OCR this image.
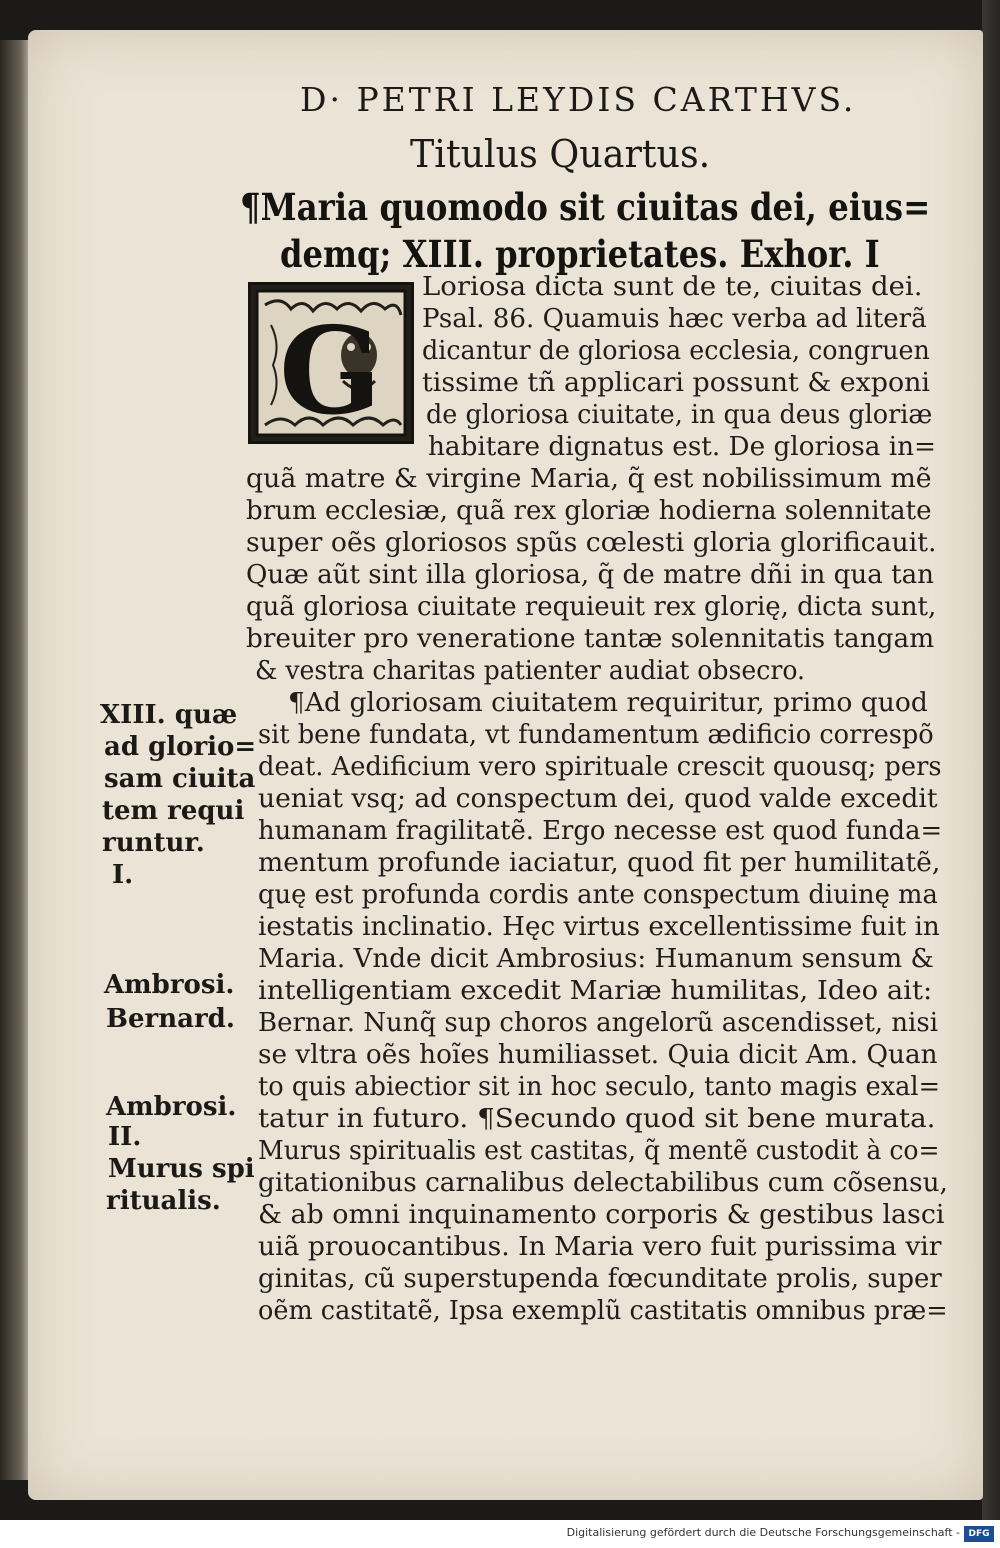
D· PETRI LEYDIS CARTHVS.
Titulus Quartus.
¶Maria quomodo sit ciuitas dei, eius=
demq; XIII. proprietates. Exhor. I
G
Loriosa dicta sunt de te, ciuitas dei.
Psal. 86. Quamuis hæc verba ad literã
dicantur de gloriosa ecclesia, congruen
tissime tñ applicari possunt & exponi
de gloriosa ciuitate, in qua deus gloriæ
habitare dignatus est. De gloriosa in=
quã matre & virgine Maria, q̃ est nobilissimum mẽ
brum ecclesiæ, quã rex gloriæ hodierna solennitate
super oẽs gloriosos spũs cœlesti gloria glorificauit.
Quæ aũt sint illa gloriosa, q̃ de matre dñi in qua tan
quã gloriosa ciuitate requieuit rex glorię, dicta sunt,
breuiter pro veneratione tantæ solennitatis tangam
& vestra charitas patienter audiat obsecro.
¶Ad gloriosam ciuitatem requiritur, primo quod
sit bene fundata, vt fundamentum ædificio correspõ
deat. Aedificium vero spirituale crescit quousq; pers
ueniat vsq; ad conspectum dei, quod valde excedit
humanam fragilitatẽ. Ergo necesse est quod funda=
mentum profunde iaciatur, quod fit per humilitatẽ,
quę est profunda cordis ante conspectum diuinę ma
iestatis inclinatio. Hęc virtus excellentissime fuit in
Maria. Vnde dicit Ambrosius: Humanum sensum &
intelligentiam excedit Mariæ humilitas, Ideo ait:
Bernar. Nunq̃ sup choros angelorũ ascendisset, nisi
se vltra oẽs hoĩes humiliasset. Quia dicit Am. Quan
to quis abiectior sit in hoc seculo, tanto magis exal=
tatur in futuro. ¶Secundo quod sit bene murata.
Murus spiritualis est castitas, q̃ mentẽ custodit à co=
gitationibus carnalibus delectabilibus cum cõsensu,
& ab omni inquinamento corporis & gestibus lasci
uiã prouocantibus. In Maria vero fuit purissima vir
ginitas, cũ superstupenda fœcunditate prolis, super
oẽm castitatẽ, Ipsa exemplũ castitatis omnibus præ=
XIII. quæ
ad glorio=
sam ciuita
tem requi
runtur.
I.
Ambrosi.
Bernard.
Ambrosi.
II.
Murus spi
ritualis.
Digitalisierung gefördert durch die Deutsche Forschungsgemeinschaft - DFG
